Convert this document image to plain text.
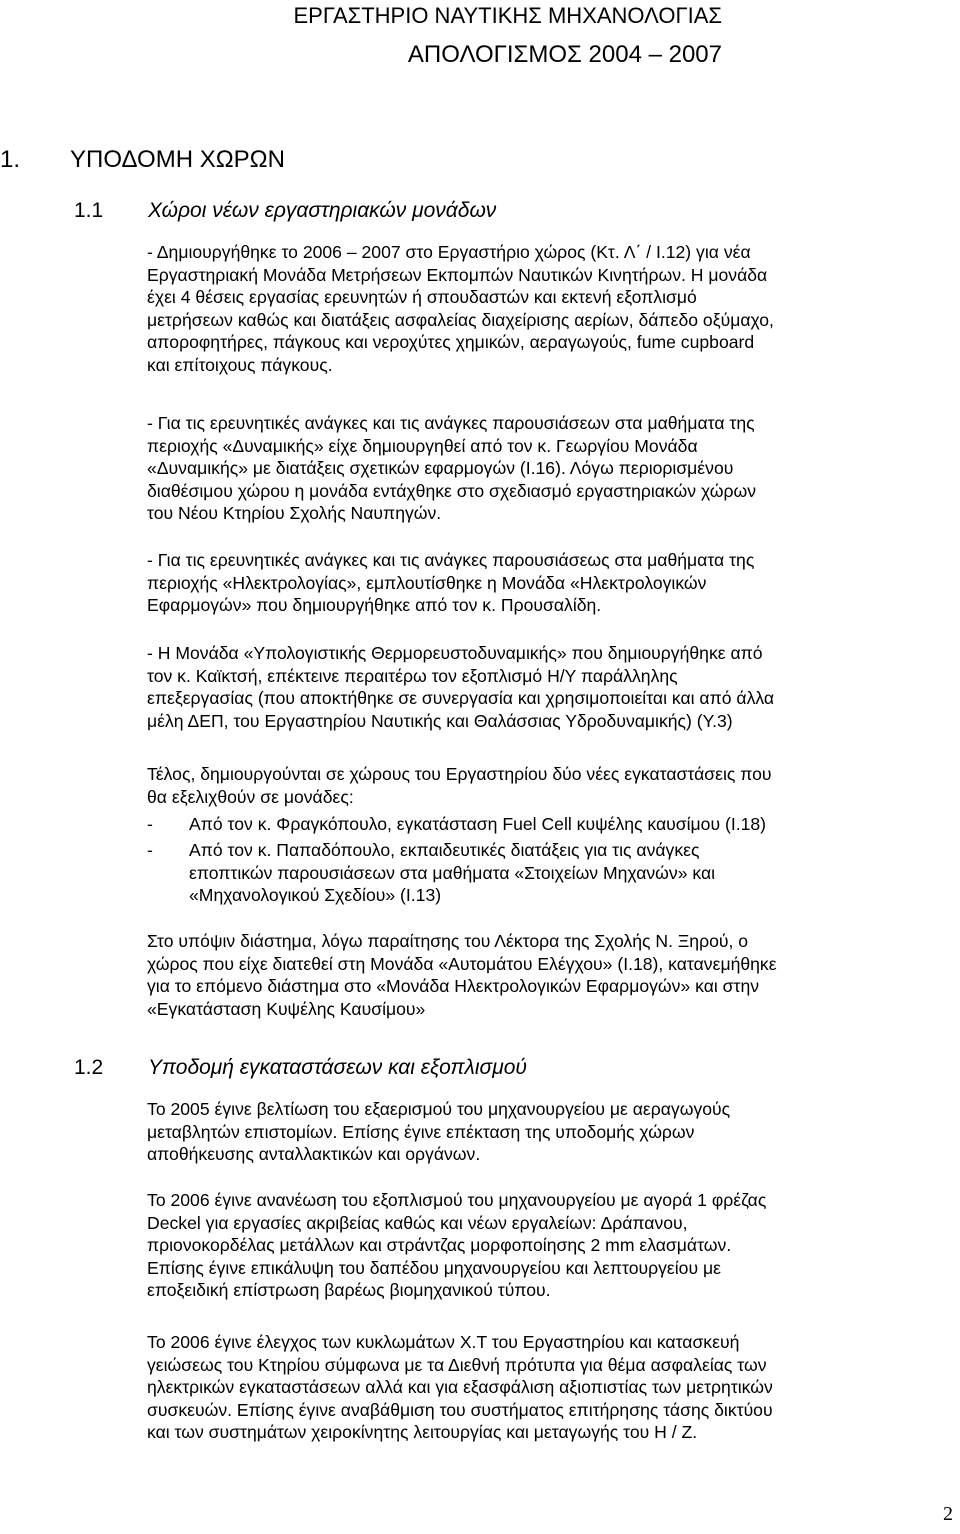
ΕΡΓΑΣΤΗΡΙΟ ΝΑΥΤΙΚΗΣ ΜΗΧΑΝΟΛΟΓΙΑΣ
ΑΠΟΛΟΓΙΣΜΟΣ 2004 – 2007
1. ΥΠΟΔΟΜΗ ΧΩΡΩΝ
1.1 Χώροι νέων εργαστηριακών μονάδων
- Δημιουργήθηκε το 2006 – 2007 στο Εργαστήριο χώρος (Κτ. Λ΄ / Ι.12) για νέα
Εργαστηριακή Μονάδα Μετρήσεων Εκπομπών Ναυτικών Κινητήρων. Η μονάδα
έχει 4 θέσεις εργασίας ερευνητών ή σπουδαστών και εκτενή εξοπλισμό
μετρήσεων καθώς και διατάξεις ασφαλείας διαχείρισης αερίων, δάπεδο οξύμαχο,
απoροφητήρες, πάγκους και νεροχύτες χημικών, αεραγωγούς, fume cupboard
και επίτοιχους πάγκους.
- Για τις ερευνητικές ανάγκες και τις ανάγκες παρουσιάσεων στα μαθήματα της
περιοχής «Δυναμικής» είχε δημιουργηθεί από τον κ. Γεωργίου Μονάδα
«Δυναμικής» με διατάξεις σχετικών εφαρμογών (Ι.16). Λόγω περιορισμένου
διαθέσιμου χώρου η μονάδα εντάχθηκε στο σχεδιασμό εργαστηριακών χώρων
του Νέου Κτηρίου Σχολής Ναυπηγών.
- Για τις ερευνητικές ανάγκες και τις ανάγκες παρουσιάσεως στα μαθήματα της
περιοχής «Ηλεκτρολογίας», εμπλουτίσθηκε η Μονάδα «Ηλεκτρολογικών
Εφαρμογών» που δημιουργήθηκε από τον κ. Προυσαλίδη.
- Η Μονάδα «Υπολογιστικής Θερμορευστοδυναμικής» που δημιουργήθηκε από
τον κ. Καϊκτσή, επέκτεινε περαιτέρω τον εξοπλισμό Η/Υ παράλληλης
επεξεργασίας (που αποκτήθηκε σε συνεργασία και χρησιμοποιείται και από άλλα
μέλη ΔΕΠ, του Εργαστηρίου Ναυτικής και Θαλάσσιας Υδροδυναμικής) (Υ.3)
Τέλος, δημιουργούνται σε χώρους του Εργαστηρίου δύο νέες εγκαταστάσεις που
θα εξελιχθούν σε μονάδες:
- Από τον κ. Φραγκόπουλο, εγκατάσταση Fuel Cell κυψέλης καυσίμου (Ι.18)
- Από τον κ. Παπαδόπουλο, εκπαιδευτικές διατάξεις για τις ανάγκες
εποπτικών παρουσιάσεων στα μαθήματα «Στοιχείων Μηχανών» και
«Μηχανολογικού Σχεδίου» (Ι.13)
Στο υπόψιν διάστημα, λόγω παραίτησης του Λέκτορα της Σχολής Ν. Ξηρού, ο
χώρος που είχε διατεθεί στη Μονάδα «Αυτομάτου Ελέγχου» (Ι.18), κατανεμήθηκε
για το επόμενο διάστημα στο «Μονάδα Ηλεκτρολογικών Εφαρμογών» και στην
«Εγκατάσταση Κυψέλης Καυσίμου»
1.2 Υποδομή εγκαταστάσεων και εξοπλισμού
Το 2005 έγινε βελτίωση του εξαερισμού του μηχανουργείου με αεραγωγούς
μεταβλητών επιστομίων. Επίσης έγινε επέκταση της υποδομής χώρων
αποθήκευσης ανταλλακτικών και οργάνων.
Το 2006 έγινε ανανέωση του εξοπλισμού του μηχανουργείου με αγορά 1 φρέζας
Deckel για εργασίες ακριβείας καθώς και νέων εργαλείων: Δράπανου,
πριονοκορδέλας μετάλλων και στράντζας μορφοποίησης 2 mm ελασμάτων.
Επίσης έγινε επικάλυψη του δαπέδου μηχανουργείου και λεπτουργείου με
εποξειδική επίστρωση βαρέως βιομηχανικού τύπου.
Το 2006 έγινε έλεγχος των κυκλωμάτων Χ.Τ του Εργαστηρίου και κατασκευή
γειώσεως του Κτηρίου σύμφωνα με τα Διεθνή πρότυπα για θέμα ασφαλείας των
ηλεκτρικών εγκαταστάσεων αλλά και για εξασφάλιση αξιοπιστίας των μετρητικών
συσκευών. Επίσης έγινε αναβάθμιση του συστήματος επιτήρησης τάσης δικτύου
και των συστημάτων χειροκίνητης λειτουργίας και μεταγωγής του Η / Ζ.
2
